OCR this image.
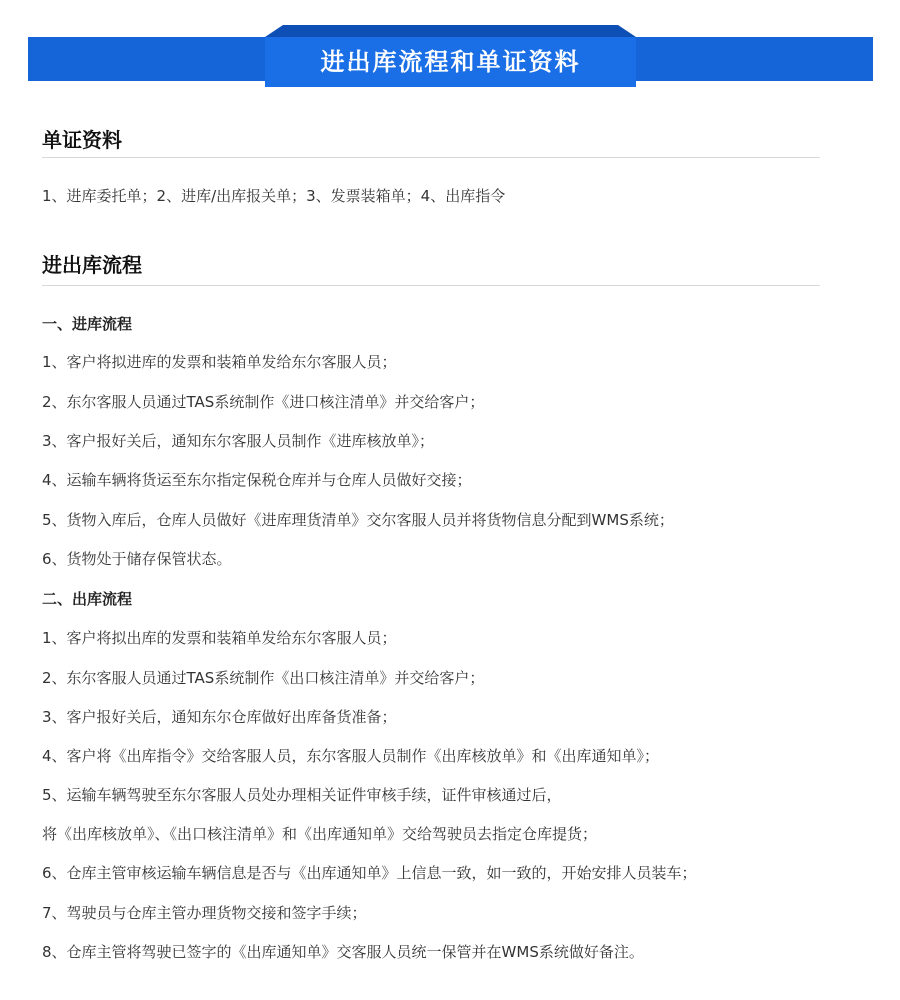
进出库流程和单证资料
单证资料
1、进库委托单；2、进库/出库报关单；3、发票装箱单；4、出库指令
进出库流程
一、进库流程
1、客户将拟进库的发票和装箱单发给东尔客服人员；
2、东尔客服人员通过TAS系统制作《进口核注清单》并交给客户；
3、客户报好关后，通知东尔客服人员制作《进库核放单》；
4、运输车辆将货运至东尔指定保税仓库并与仓库人员做好交接；
5、货物入库后，仓库人员做好《进库理货清单》交尔客服人员并将货物信息分配到WMS系统；
6、货物处于储存保管状态。
二、出库流程
1、客户将拟出库的发票和装箱单发给东尔客服人员；
2、东尔客服人员通过TAS系统制作《出口核注清单》并交给客户；
3、客户报好关后，通知东尔仓库做好出库备货准备；
4、客户将《出库指令》交给客服人员，东尔客服人员制作《出库核放单》和《出库通知单》；
5、运输车辆驾驶至东尔客服人员处办理相关证件审核手续，证件审核通过后，
将《出库核放单》、《出口核注清单》和《出库通知单》交给驾驶员去指定仓库提货；
6、仓库主管审核运输车辆信息是否与《出库通知单》上信息一致，如一致的，开始安排人员装车；
7、驾驶员与仓库主管办理货物交接和签字手续；
8、仓库主管将驾驶已签字的《出库通知单》交客服人员统一保管并在WMS系统做好备注。
